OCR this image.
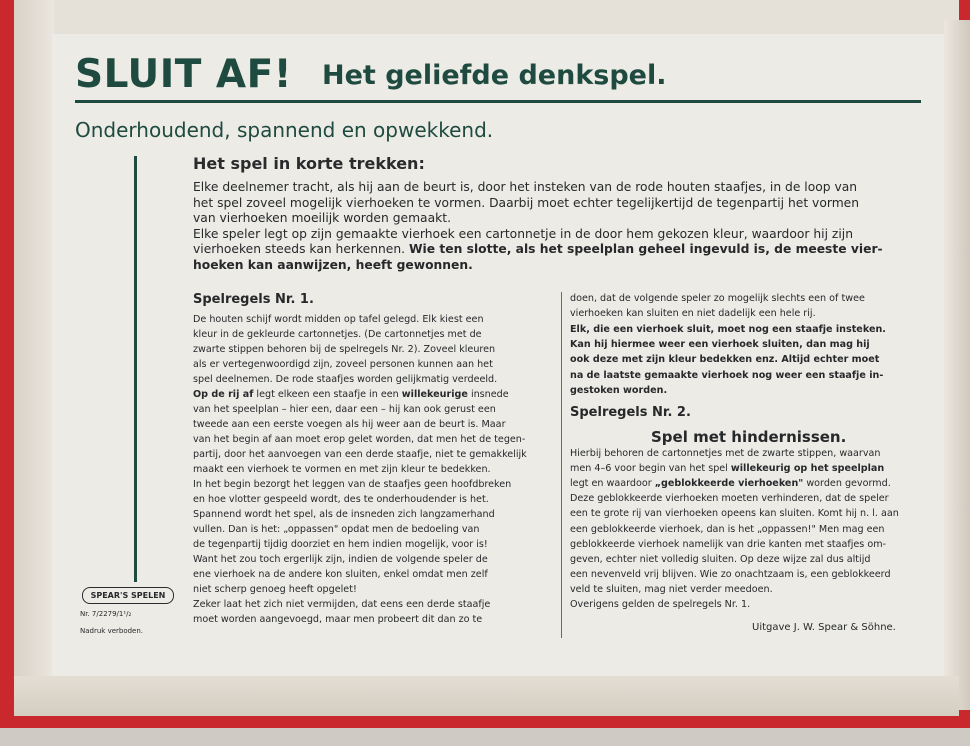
SLUIT AF! Het geliefde denkspel.
Onderhoudend, spannend en opwekkend.
Het spel in korte trekken:
Elke deelnemer tracht, als hij aan de beurt is, door het insteken van de rode houten staafjes, in de loop van
het spel zoveel mogelijk vierhoeken te vormen. Daarbij moet echter tegelijkertijd de tegenpartij het vormen
van vierhoeken moeilijk worden gemaakt.
Elke speler legt op zijn gemaakte vierhoek een cartonnetje in de door hem gekozen kleur, waardoor hij zijn
vierhoeken steeds kan herkennen. Wie ten slotte, als het speelplan geheel ingevuld is, de meeste vier-
hoeken kan aanwijzen, heeft gewonnen.
Spelregels Nr. 1.
De houten schijf wordt midden op tafel gelegd. Elk kiest een
kleur in de gekleurde cartonnetjes. (De cartonnetjes met de
zwarte stippen behoren bij de spelregels Nr. 2). Zoveel kleuren
als er vertegenwoordigd zijn, zoveel personen kunnen aan het
spel deelnemen. De rode staafjes worden gelijkmatig verdeeld.
Op de rij af legt elkeen een staafje in een willekeurige insnede
van het speelplan – hier een, daar een – hij kan ook gerust een
tweede aan een eerste voegen als hij weer aan de beurt is. Maar
van het begin af aan moet erop gelet worden, dat men het de tegen-
partij, door het aanvoegen van een derde staafje, niet te gemakkelijk
maakt een vierhoek te vormen en met zijn kleur te bedekken.
In het begin bezorgt het leggen van de staafjes geen hoofdbreken
en hoe vlotter gespeeld wordt, des te onderhoudender is het.
Spannend wordt het spel, als de insneden zich langzamerhand
vullen. Dan is het: „oppassen" opdat men de bedoeling van
de tegenpartij tijdig doorziet en hem indien mogelijk, voor is!
Want het zou toch ergerlijk zijn, indien de volgende speler de
ene vierhoek na de andere kon sluiten, enkel omdat men zelf
niet scherp genoeg heeft opgelet!
Zeker laat het zich niet vermijden, dat eens een derde staafje
moet worden aangevoegd, maar men probeert dit dan zo te
doen, dat de volgende speler zo mogelijk slechts een of twee
vierhoeken kan sluiten en niet dadelijk een hele rij.
Elk, die een vierhoek sluit, moet nog een staafje insteken.
Kan hij hiermee weer een vierhoek sluiten, dan mag hij
ook deze met zijn kleur bedekken enz. Altijd echter moet
na de laatste gemaakte vierhoek nog weer een staafje in-
gestoken worden.
Spelregels Nr. 2.
Spel met hindernissen.
Hierbij behoren de cartonnetjes met de zwarte stippen, waarvan
men 4–6 voor begin van het spel willekeurig op het speelplan
legt en waardoor „geblokkeerde vierhoeken" worden gevormd.
Deze geblokkeerde vierhoeken moeten verhinderen, dat de speler
een te grote rij van vierhoeken opeens kan sluiten. Komt hij n. l. aan
een geblokkeerde vierhoek, dan is het „oppassen!" Men mag een
geblokkeerde vierhoek namelijk van drie kanten met staafjes om-
geven, echter niet volledig sluiten. Op deze wijze zal dus altijd
een nevenveld vrij blijven. Wie zo onachtzaam is, een geblokkeerd
veld te sluiten, mag niet verder meedoen.
Overigens gelden de spelregels Nr. 1.
Uitgave J. W. Spear & Söhne.
SPEAR'S SPELEN
Nr. 7/2279/1¹/₂
Nadruk verboden.
